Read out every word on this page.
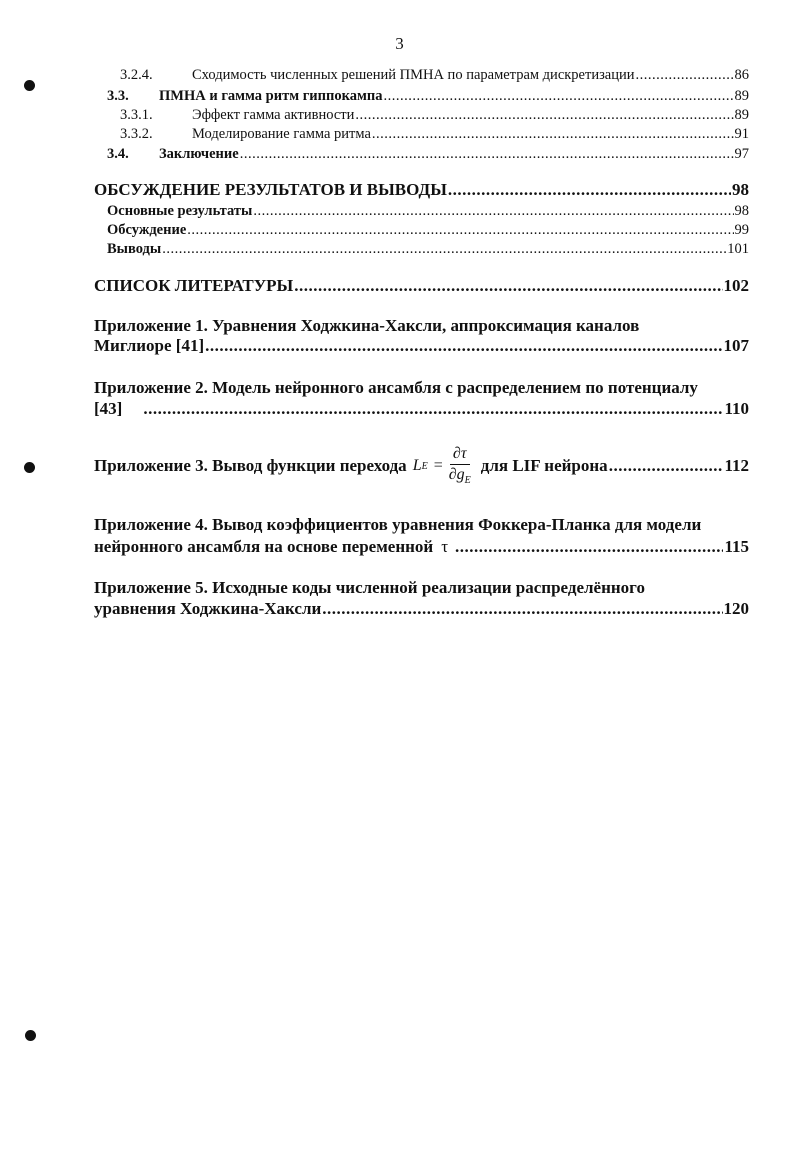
3
3.2.4.	Сходимость численных решений ПМНА по параметрам дискретизации .....	86
3.3.	ПМНА и гамма ритм гиппокампа .....	89
3.3.1.	Эффект гамма активности .....	89
3.3.2.	Моделирование гамма ритма .....	91
3.4.	Заключение .....	97
ОБСУЖДЕНИЕ РЕЗУЛЬТАТОВ И ВЫВОДЫ .....	98
Основные результаты .....	98
Обсуждение .....	99
Выводы .....	101
СПИСОК ЛИТЕРАТУРЫ .....	102
Приложение 1. Уравнения Ходжкина-Хаксли, аппроксимация каналов
Миглиоре [41] .....	107
Приложение 2. Модель нейронного ансамбля с распределением по потенциалу
[43] .....	110
Приложение 3. Вывод функции перехода L $E = \frac{\partial\tau}{\partial g_E}$ для LIF нейрона .....	112
Приложение 4. Вывод коэффициентов уравнения Фоккера-Планка для модели
нейронного ансамбля на основе переменной τ .....	115
Приложение 5. Исходные коды численной реализации распределённого
уравнения Ходжкина-Хаксли .....	120
